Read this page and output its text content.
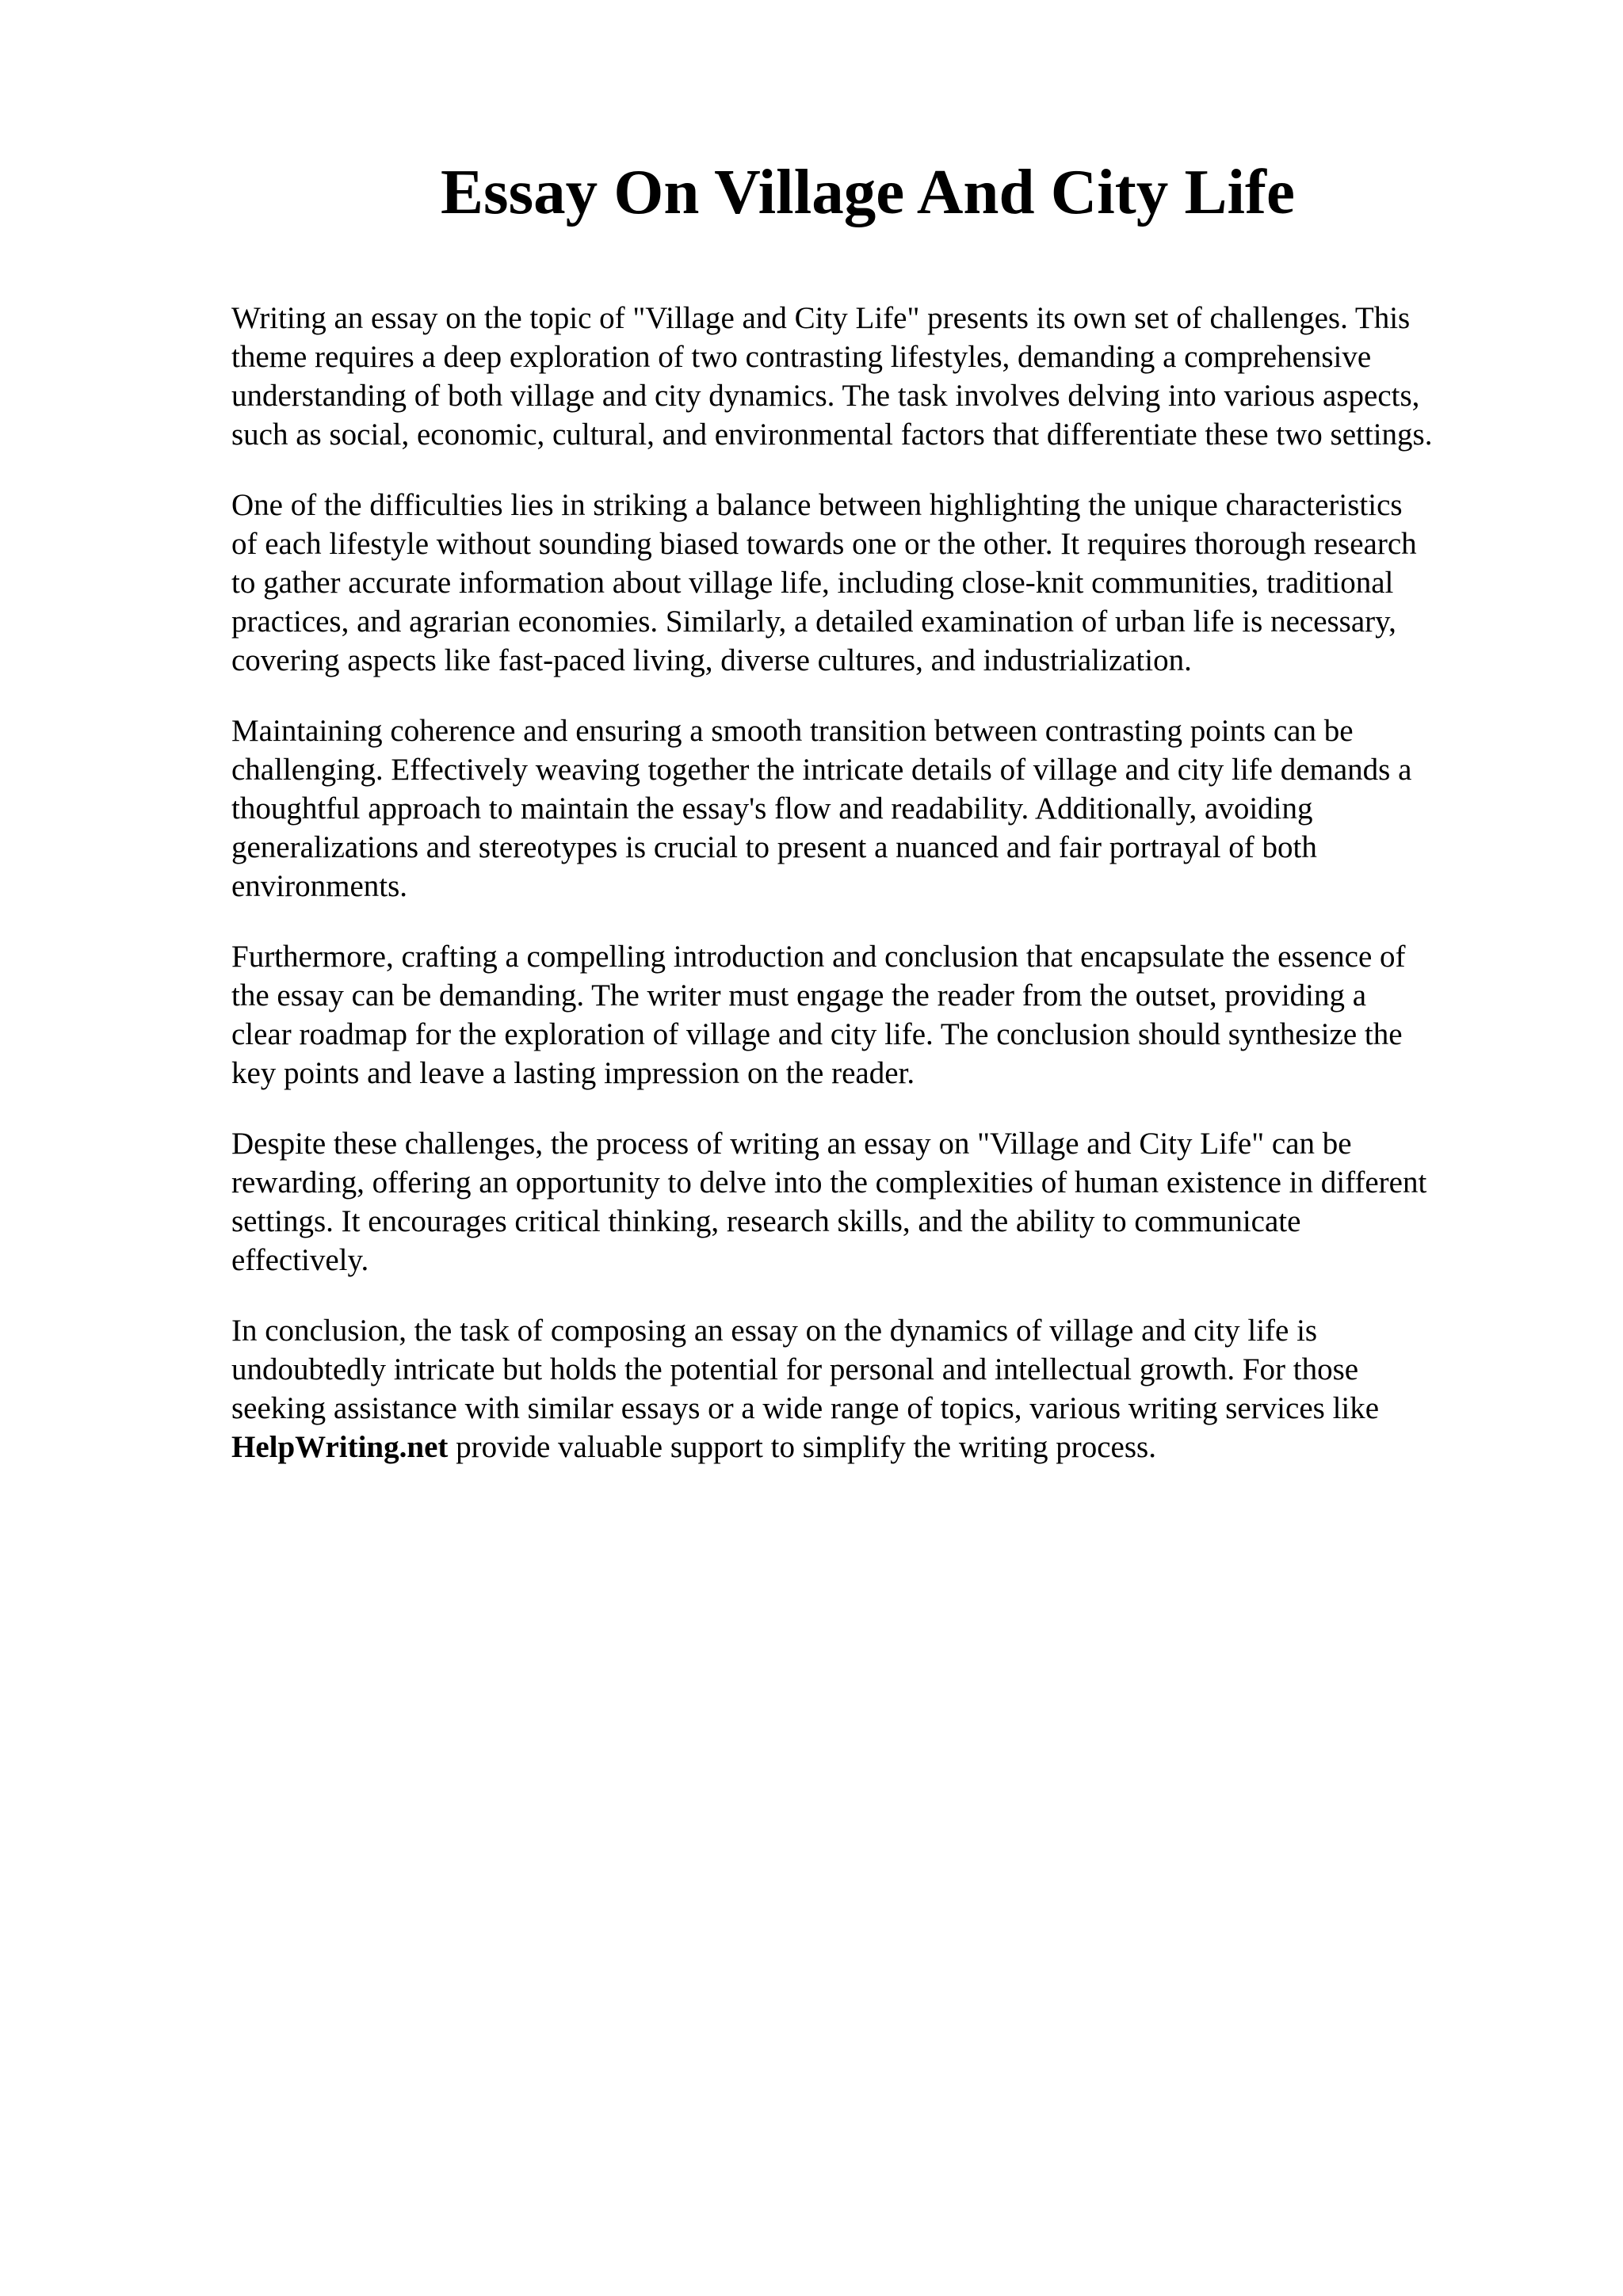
Essay On Village And City Life

Writing an essay on the topic of "Village and City Life" presents its own set of challenges. This
theme requires a deep exploration of two contrasting lifestyles, demanding a comprehensive
understanding of both village and city dynamics. The task involves delving into various aspects,
such as social, economic, cultural, and environmental factors that differentiate these two settings.

One of the difficulties lies in striking a balance between highlighting the unique characteristics
of each lifestyle without sounding biased towards one or the other. It requires thorough research
to gather accurate information about village life, including close-knit communities, traditional
practices, and agrarian economies. Similarly, a detailed examination of urban life is necessary,
covering aspects like fast-paced living, diverse cultures, and industrialization.

Maintaining coherence and ensuring a smooth transition between contrasting points can be
challenging. Effectively weaving together the intricate details of village and city life demands a
thoughtful approach to maintain the essay's flow and readability. Additionally, avoiding
generalizations and stereotypes is crucial to present a nuanced and fair portrayal of both
environments.

Furthermore, crafting a compelling introduction and conclusion that encapsulate the essence of
the essay can be demanding. The writer must engage the reader from the outset, providing a
clear roadmap for the exploration of village and city life. The conclusion should synthesize the
key points and leave a lasting impression on the reader.

Despite these challenges, the process of writing an essay on "Village and City Life" can be
rewarding, offering an opportunity to delve into the complexities of human existence in different
settings. It encourages critical thinking, research skills, and the ability to communicate
effectively.

In conclusion, the task of composing an essay on the dynamics of village and city life is
undoubtedly intricate but holds the potential for personal and intellectual growth. For those
seeking assistance with similar essays or a wide range of topics, various writing services like
HelpWriting.net provide valuable support to simplify the writing process.
